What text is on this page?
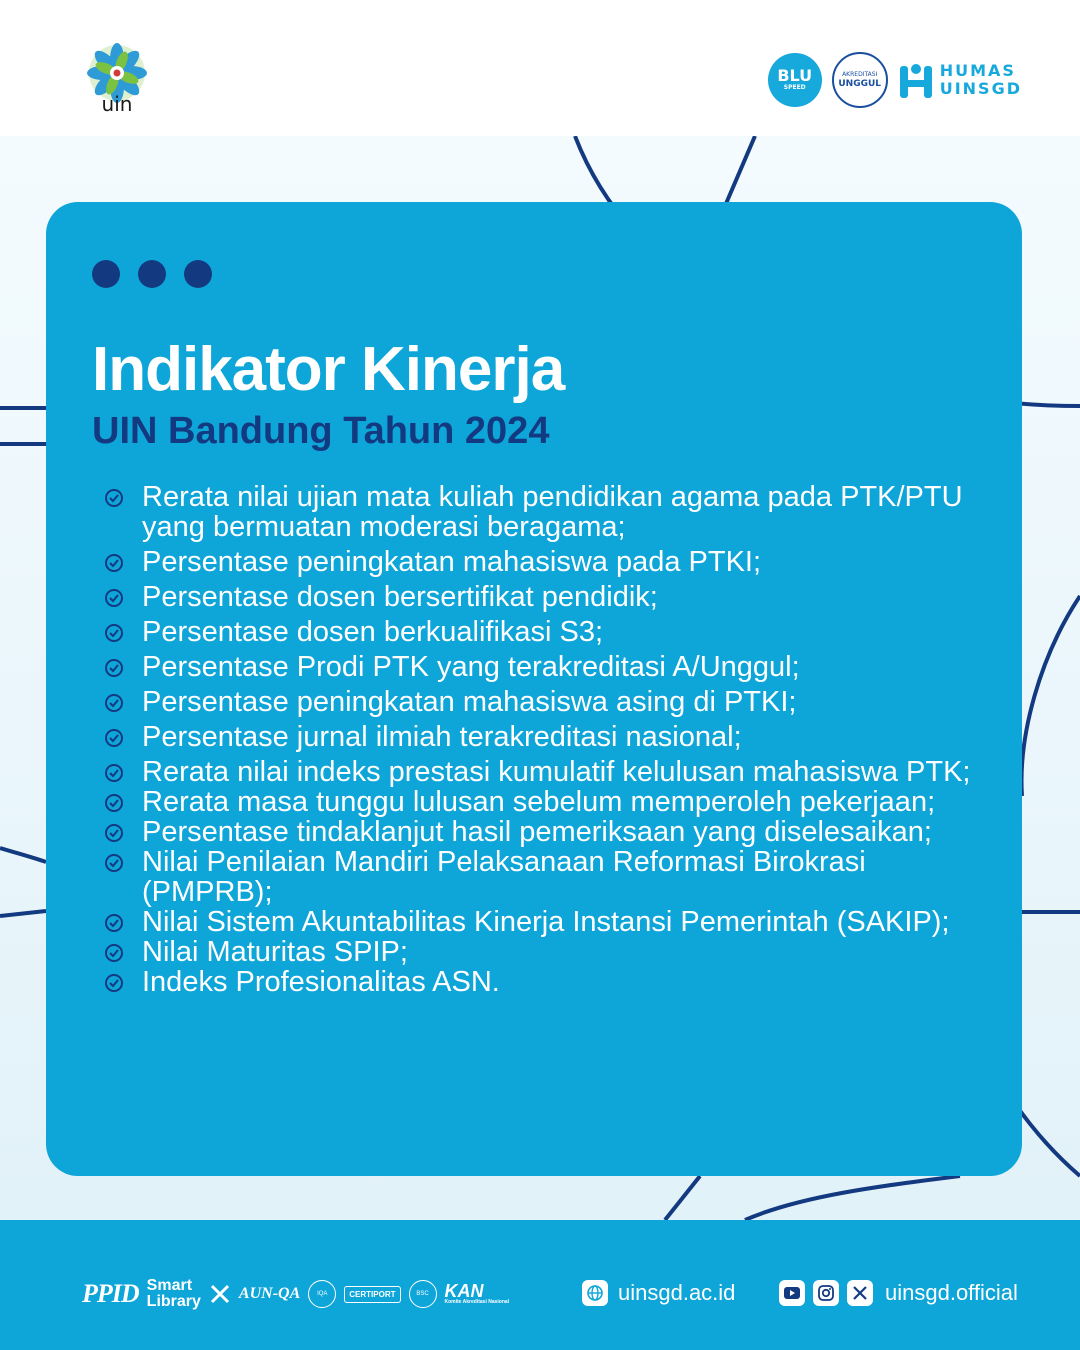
uin
BLU
SPEED
AKREDITASI
UNGGUL
HUMAS
UINSGD
Indikator Kinerja
UIN Bandung Tahun 2024
Rerata nilai ujian mata kuliah pendidikan agama pada PTK/PTU yang bermuatan moderasi beragama;
Persentase peningkatan mahasiswa pada PTKI;
Persentase dosen bersertifikat pendidik;
Persentase dosen berkualifikasi S3;
Persentase Prodi PTK yang terakreditasi A/Unggul;
Persentase peningkatan mahasiswa asing di PTKI;
Persentase jurnal ilmiah terakreditasi nasional;
Rerata nilai indeks prestasi kumulatif kelulusan mahasiswa PTK;
Rerata masa tunggu lulusan sebelum memperoleh pekerjaan;
Persentase tindaklanjut hasil pemeriksaan yang diselesaikan;
Nilai Penilaian Mandiri Pelaksanaan Reformasi Birokrasi (PMPRB);
Nilai Sistem Akuntabilitas Kinerja Instansi Pemerintah (SAKIP);
Nilai Maturitas SPIP;
Indeks Profesionalitas ASN.
PPID Smart
Library AUN-QA	IQA	CERTIPORT	BSC KAN
Komite Akreditasi Nasional	uinsgd.ac.id	uinsgd.official
